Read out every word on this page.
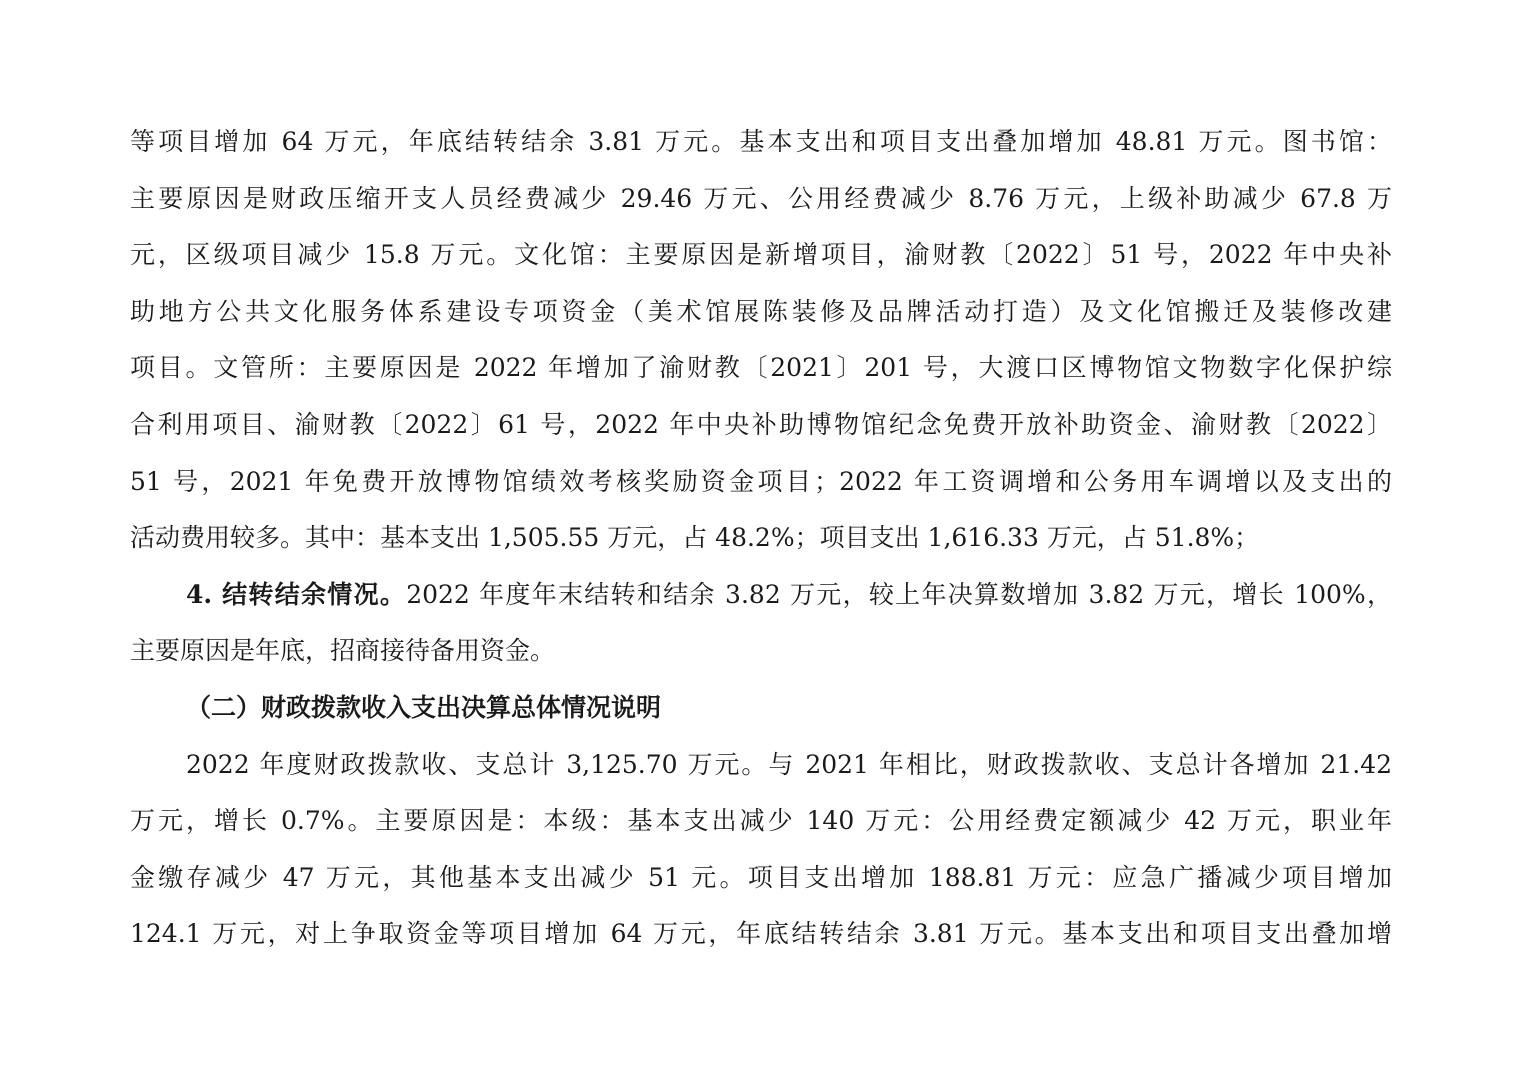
等项目增加 64 万元，年底结转结余 3.81 万元。基本支出和项目支出叠加增加 48.81 万元。图书馆：
主要原因是财政压缩开支人员经费减少 29.46 万元、公用经费减少 8.76 万元，上级补助减少 67.8 万
元，区级项目减少 15.8 万元。文化馆：主要原因是新增项目，渝财教〔2022〕51 号，2022 年中央补
助地方公共文化服务体系建设专项资金（美术馆展陈装修及品牌活动打造）及文化馆搬迁及装修改建
项目。文管所：主要原因是 2022 年增加了渝财教〔2021〕201 号，大渡口区博物馆文物数字化保护综
合利用项目、渝财教〔2022〕61 号，2022 年中央补助博物馆纪念免费开放补助资金、渝财教〔2022〕
51 号，2021 年免费开放博物馆绩效考核奖励资金项目；2022 年工资调增和公务用车调增以及支出的
活动费用较多。其中：基本支出 1,505.55 万元，占 48.2%；项目支出 1,616.33 万元，占 51.8%；
4. 结转结余情况。2022 年度年末结转和结余 3.82 万元，较上年决算数增加 3.82 万元，增长 100%，
主要原因是年底，招商接待备用资金。
（二）财政拨款收入支出决算总体情况说明
2022 年度财政拨款收、支总计 3,125.70 万元。与 2021 年相比，财政拨款收、支总计各增加 21.42
万元，增长 0.7%。主要原因是：本级：基本支出减少 140 万元：公用经费定额减少 42 万元，职业年
金缴存减少 47 万元，其他基本支出减少 51 元。项目支出增加 188.81 万元：应急广播减少项目增加
124.1 万元，对上争取资金等项目增加 64 万元，年底结转结余 3.81 万元。基本支出和项目支出叠加增
